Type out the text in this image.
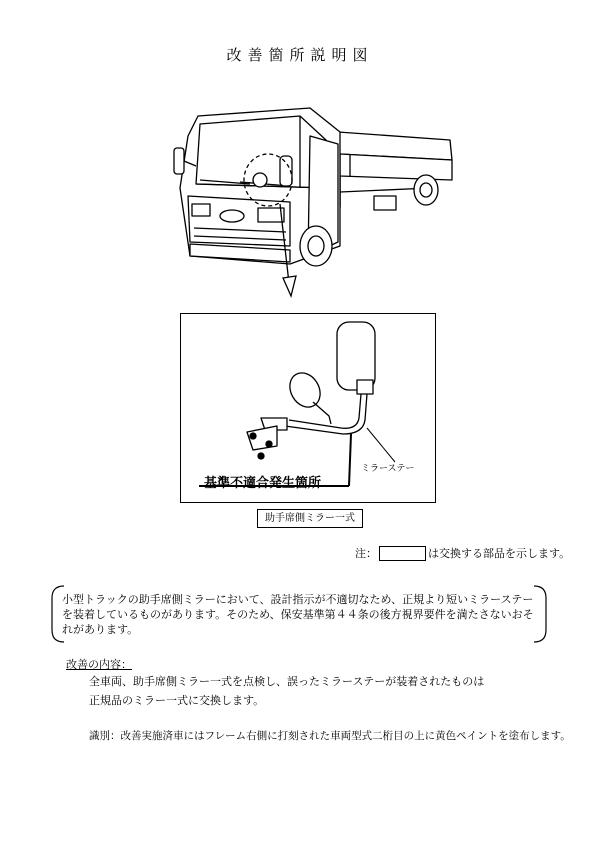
改善箇所説明図
ミラーステー
基準不適合発生箇所
助手席側ミラー一式
注：	は交換する部品を示します。
小型トラックの助手席側ミラーにおいて、設計指示が不適切なため、正規より短いミラーステーを装着しているものがあります。そのため、保安基準第４４条の後方視界要件を満たさないおそれがあります。
改善の内容：
全車両、助手席側ミラー一式を点検し、誤ったミラーステーが装着されたものは
正規品のミラー一式に交換します。
識別：改善実施済車にはフレーム右側に打刻された車両型式二桁目の上に黄色ペイントを塗布します。
